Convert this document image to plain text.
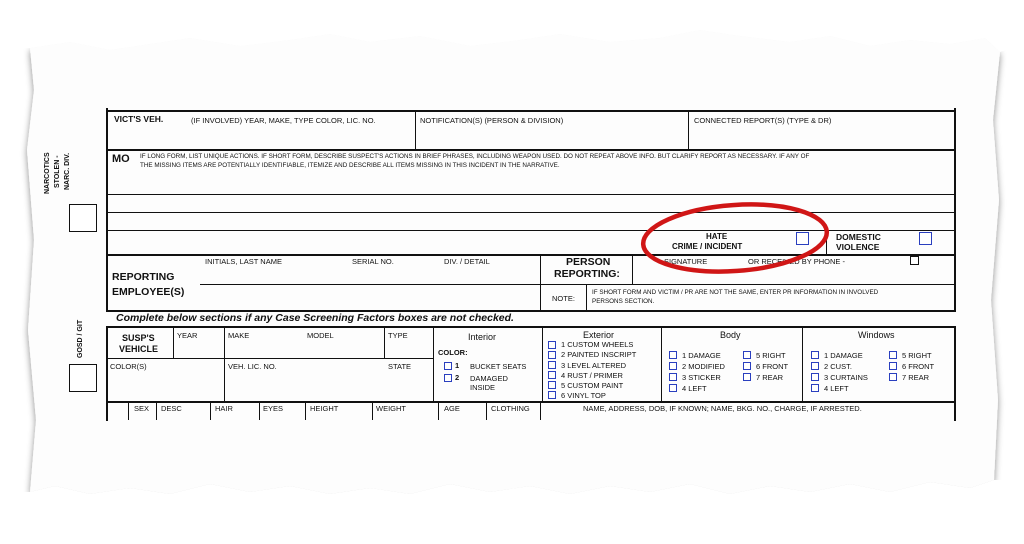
NARCOTICS STOLEN - NARC. DIV.
GOSD / GIT
VICT'S VEH.	(IF INVOLVED) YEAR, MAKE, TYPE COLOR, LIC. NO.	NOTIFICATION(S) (PERSON & DIVISION)	CONNECTED REPORT(S) (TYPE & DR)
MO IF LONG FORM, LIST UNIQUE ACTIONS. IF SHORT FORM, DESCRIBE SUSPECT'S ACTIONS IN BRIEF PHRASES, INCLUDING WEAPON USED. DO NOT REPEAT ABOVE INFO. BUT CLARIFY REPORT AS NECESSARY. IF ANY OF
THE MISSING ITEMS ARE POTENTIALLY IDENTIFIABLE, ITEMIZE AND DESCRIBE ALL ITEMS MISSING IN THIS INCIDENT IN THE NARRATIVE.
HATE
CRIME / INCIDENT
DOMESTIC
VIOLENCE
INITIALS, LAST NAME	SERIAL NO.	DIV. / DETAIL
REPORTING
EMPLOYEE(S)
PERSON
REPORTING:
SIGNATURE	OR RECEIVED BY PHONE -
NOTE:
IF SHORT FORM AND VICTIM / PR ARE NOT THE SAME, ENTER PR INFORMATION IN INVOLVED
PERSONS SECTION.
Complete below sections if any Case Screening Factors boxes are not checked.
SUSP'S
VEHICLE
YEAR	MAKE	MODEL	TYPE
COLOR(S)	VEH. LIC. NO.	STATE
Interior
COLOR:
1 BUCKET SEATS
2 DAMAGED
INSIDE
Exterior
1 CUSTOM WHEELS
2 PAINTED INSCRIPT
3 LEVEL ALTERED
4 RUST / PRIMER
5 CUSTOM PAINT
6 VINYL TOP
Body
1 DAMAGE
2 MODIFIED
3 STICKER
4 LEFT
5 RIGHT
6 FRONT
7 REAR
Windows
1 DAMAGE
2 CUST.
3 CURTAINS
4 LEFT
5 RIGHT
6 FRONT
7 REAR
SEX DESC	HAIR	EYES	HEIGHT	WEIGHT	AGE	CLOTHING	NAME, ADDRESS, DOB, IF KNOWN; NAME, BKG. NO., CHARGE, IF ARRESTED.
